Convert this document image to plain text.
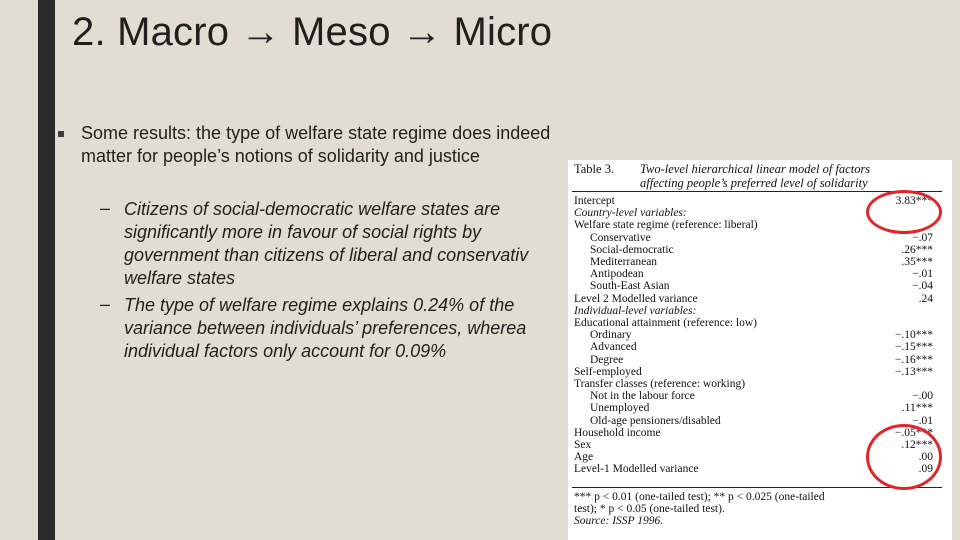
2. Macro → Meso → Micro
Some results: the type of welfare state regime does indeed matter for people’s notions of solidarity and justice
– Citizens of social-democratic welfare states are
significantly more in favour of social rights by
government than citizens of liberal and conservativ
welfare states
– The type of welfare regime explains 0.24% of the
variance between individuals’ preferences, wherea
individual factors only account for 0.09%
Table 3. Two-level hierarchical linear model of factors
affecting people’s preferred level of solidarity
Intercept	3.83***
Country-level variables:
Welfare state regime (reference: liberal)
Conservative	−.07
Social-democratic	.26***
Mediterranean	.35***
Antipodean	−.01
South-East Asian	−.04
Level 2 Modelled variance	.24
Individual-level variables:
Educational attainment (reference: low)
Ordinary	−.10***
Advanced	−.15***
Degree	−.16***
Self-employed	−.13***
Transfer classes (reference: working)
Not in the labour force	−.00
Unemployed	.11***
Old-age pensioners/disabled	−.01
Household income	−.05***
Sex	.12***
Age	.00
Level-1 Modelled variance	.09
*** p < 0.01 (one-tailed test); ** p < 0.025 (one-tailed
test); * p < 0.05 (one-tailed test).
Source: ISSP 1996.
